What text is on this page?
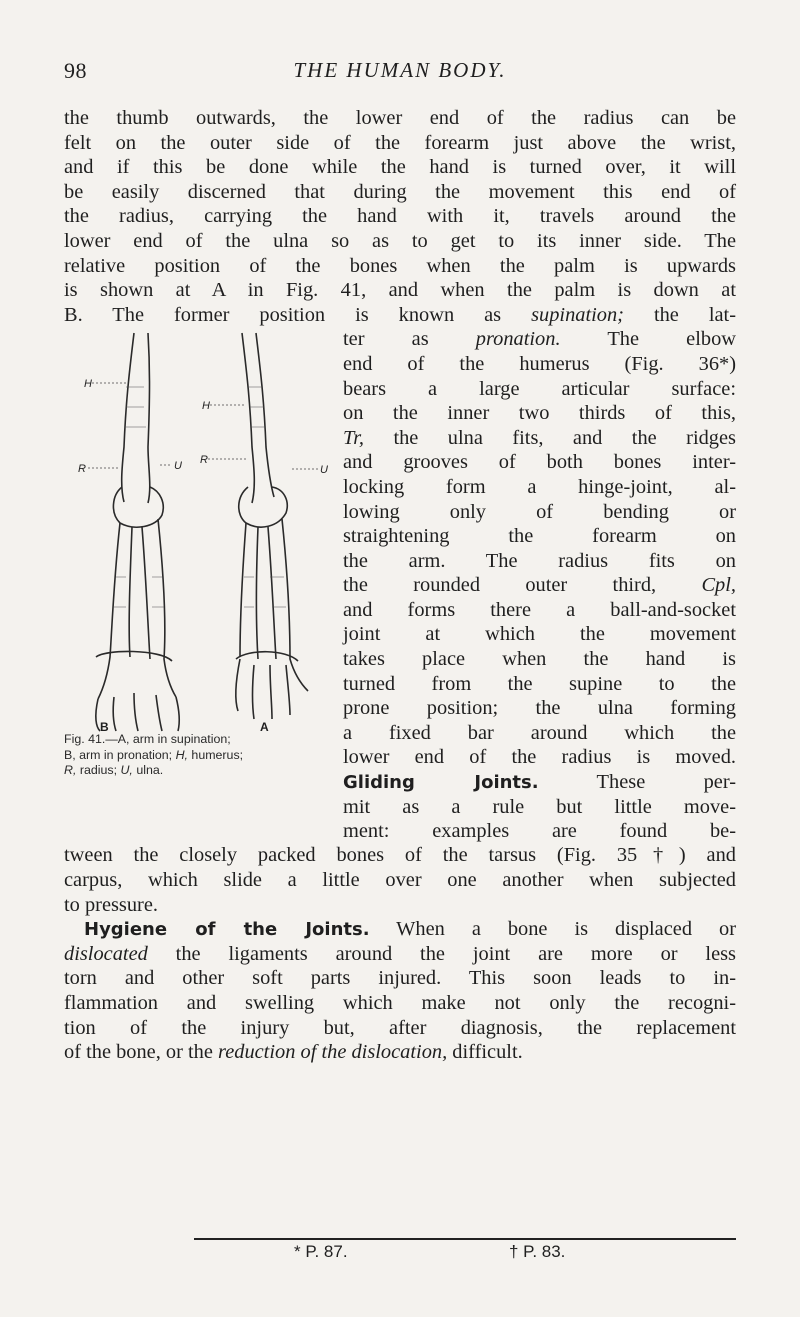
98	THE HUMAN BODY.
the thumb outwards, the lower end of the radius can be
felt on the outer side of the forearm just above the wrist,
and if this be done while the hand is turned over, it will
be easily discerned that during the movement this end of
the radius, carrying the hand with it, travels around the
lower end of the ulna so as to get to its inner side. The
relative position of the bones when the palm is upwards
is shown at A in Fig. 41, and when the palm is down at
B. The former position is known as supination; the lat-
H
H
R
R
U	U
B	A
ter as pronation. The elbow
end of the humerus (Fig. 36*)
bears a large articular surface:
on the inner two thirds of this,
Tr, the ulna fits, and the ridges
and grooves of both bones inter-
locking form a hinge-joint, al-
lowing only of bending or
straightening the forearm on
the arm. The radius fits on
the rounded outer third, Cpl,
and forms there a ball-and-socket
joint at which the movement
takes place when the hand is
turned from the supine to the
prone position; the ulna forming
a fixed bar around which the
lower end of the radius is moved.
Gliding Joints. These per-
mit as a rule but little move-
ment: examples are found be-
Fig. 41.—A, arm in supination;
B, arm in pronation; H, humerus;
R, radius; U, ulna.
tween the closely packed bones of the tarsus (Fig. 35†) and
carpus, which slide a little over one another when subjected
to pressure.
Hygiene of the Joints. When a bone is displaced or
dislocated the ligaments around the joint are more or less
torn and other soft parts injured. This soon leads to in-
flammation and swelling which make not only the recogni-
tion of the injury but, after diagnosis, the replacement
of the bone, or the reduction of the dislocation, difficult.
* P. 87.	† P. 83.
